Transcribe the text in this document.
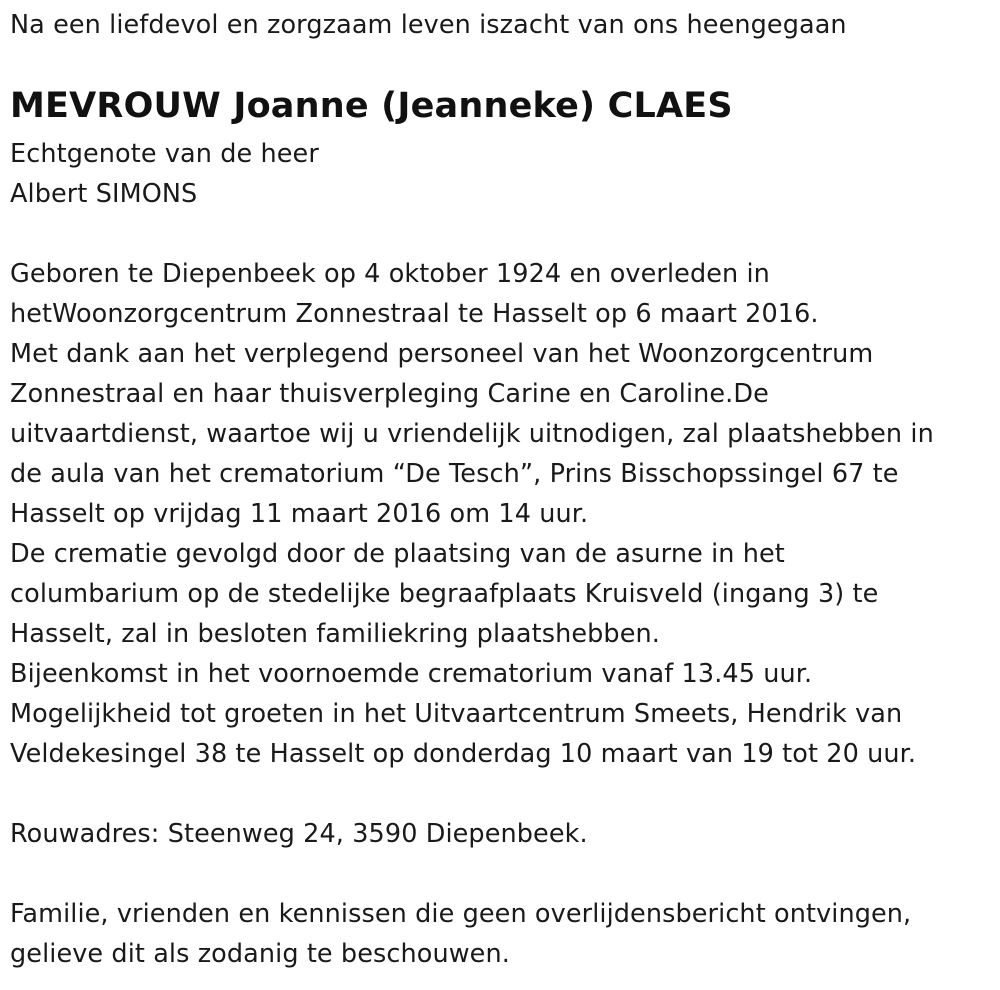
Na een liefdevol en zorgzaam leven iszacht van ons heengegaan
MEVROUW Joanne (Jeanneke) CLAES
Echtgenote van de heer
Albert SIMONS
Geboren te Diepenbeek op 4 oktober 1924 en overleden in
hetWoonzorgcentrum Zonnestraal te Hasselt op 6 maart 2016.
Met dank aan het verplegend personeel van het Woonzorgcentrum
Zonnestraal en haar thuisverpleging Carine en Caroline.De
uitvaartdienst, waartoe wij u vriendelijk uitnodigen, zal plaatshebben in
de aula van het crematorium “De Tesch”, Prins Bisschopssingel 67 te
Hasselt op vrijdag 11 maart 2016 om 14 uur.
De crematie gevolgd door de plaatsing van de asurne in het
columbarium op de stedelijke begraafplaats Kruisveld (ingang 3) te
Hasselt, zal in besloten familiekring plaatshebben.
Bijeenkomst in het voornoemde crematorium vanaf 13.45 uur.
Mogelijkheid tot groeten in het Uitvaartcentrum Smeets, Hendrik van
Veldekesingel 38 te Hasselt op donderdag 10 maart van 19 tot 20 uur.
Rouwadres: Steenweg 24, 3590 Diepenbeek.
Familie, vrienden en kennissen die geen overlijdensbericht ontvingen,
gelieve dit als zodanig te beschouwen.
